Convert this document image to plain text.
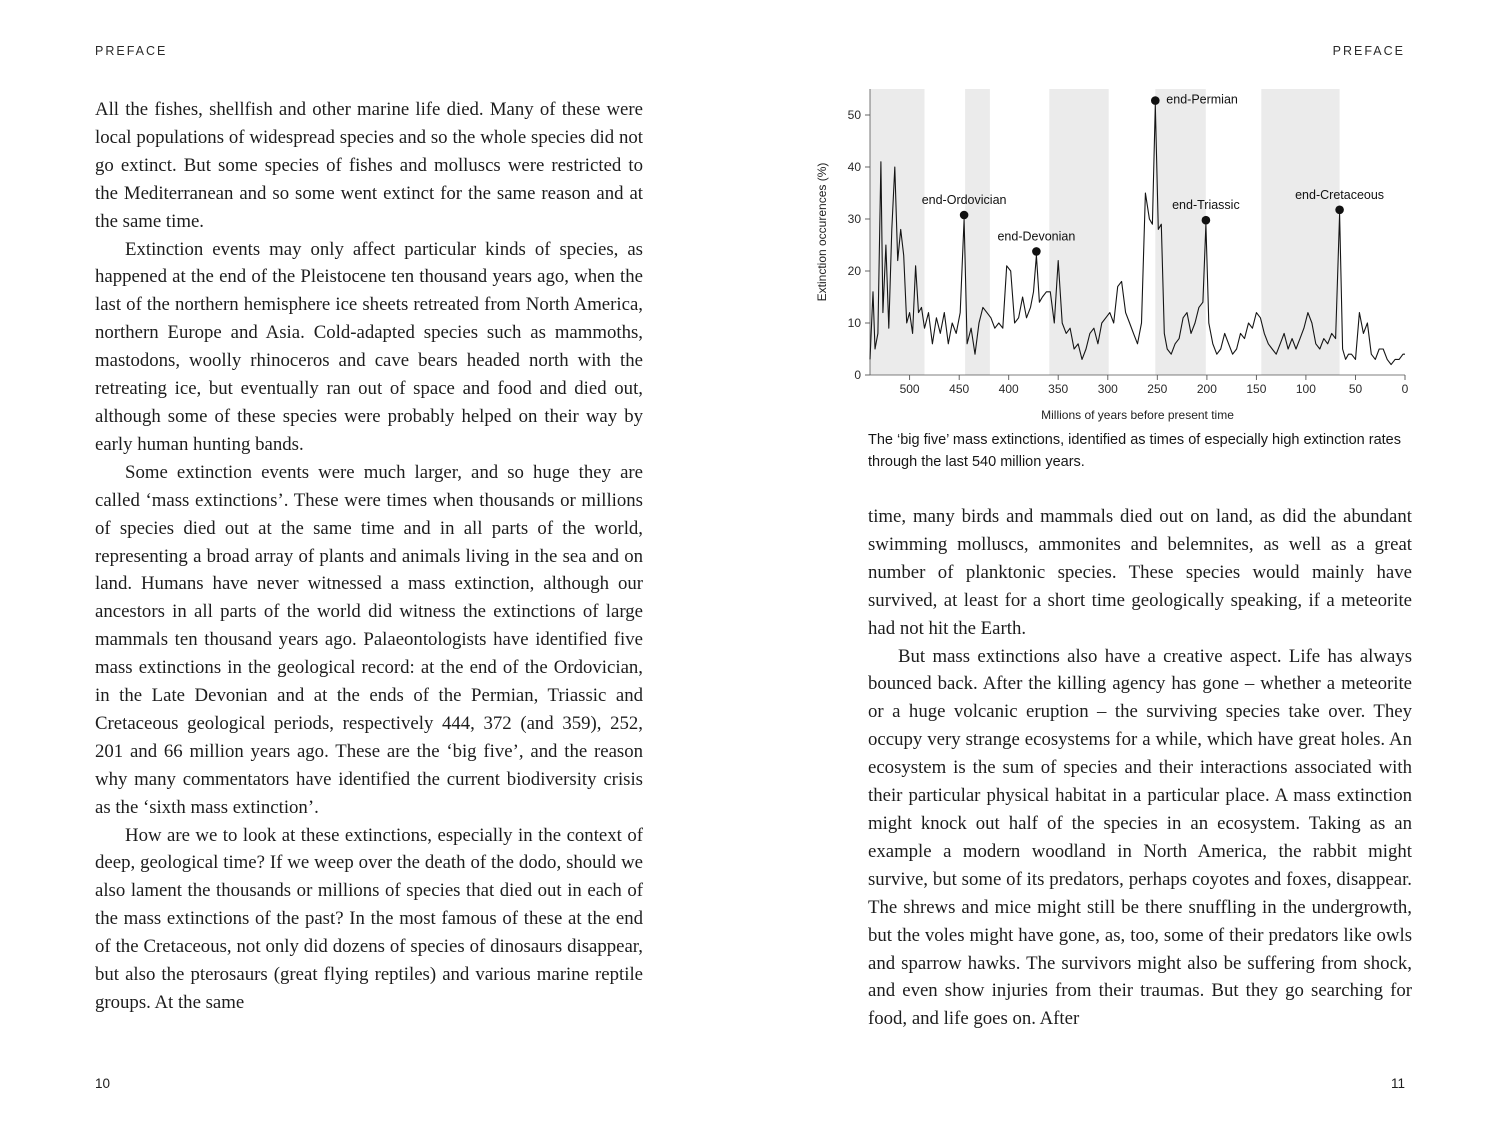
PREFACE	PREFACE

All the fishes, shellfish and other marine life died. Many of these were local populations of widespread species and so the whole species did not go extinct. But some species of fishes and molluscs were restricted to the Mediterranean and so some went extinct for the same reason and at the same time.

Extinction events may only affect particular kinds of species, as happened at the end of the Pleistocene ten thousand years ago, when the last of the northern hemisphere ice sheets retreated from North America, northern Europe and Asia. Cold-adapted species such as mammoths, mastodons, woolly rhinoceros and cave bears headed north with the retreating ice, but eventually ran out of space and food and died out, although some of these species were probably helped on their way by early human hunting bands.

Some extinction events were much larger, and so huge they are called ‘mass extinctions’. These were times when thousands or millions of species died out at the same time and in all parts of the world, representing a broad array of plants and animals living in the sea and on land. Humans have never witnessed a mass extinction, although our ancestors in all parts of the world did witness the extinctions of large mammals ten thousand years ago. Palaeontologists have identified five mass extinctions in the geological record: at the end of the Ordovician, in the Late Devonian and at the ends of the Permian, Triassic and Cretaceous geological periods, respectively 444, 372 (and 359), 252, 201 and 66 million years ago. These are the ‘big five’, and the reason why many commentators have identified the current biodiversity crisis as the ‘sixth mass extinction’.

How are we to look at these extinctions, especially in the context of deep, geological time? If we weep over the death of the dodo, should we also lament the thousands or millions of species that died out in each of the mass extinctions of the past? In the most famous of these at the end of the Cretaceous, not only did dozens of species of dinosaurs disappear, but also the pterosaurs (great flying reptiles) and various marine reptile groups. At the same

500 450 400 350 300 250 200 150 100	50	0
0
10
20
30
40
50
end-Ordovician
end-Devonian
end-Permian
end-Triassic
end-Cretaceous
Millions of years before present time
Extinction occurences (%)
The ‘big five’ mass extinctions, identified as times of especially high extinction rates through the last 540 million years.

time, many birds and mammals died out on land, as did the abundant swimming molluscs, ammonites and belemnites, as well as a great number of planktonic species. These species would mainly have survived, at least for a short time geologically speaking, if a meteorite had not hit the Earth.

But mass extinctions also have a creative aspect. Life has always bounced back. After the killing agency has gone – whether a meteorite or a huge volcanic eruption – the surviving species take over. They occupy very strange ecosystems for a while, which have great holes. An ecosystem is the sum of species and their interactions associated with their particular physical habitat in a particular place. A mass extinction might knock out half of the species in an ecosystem. Taking as an example a modern woodland in North America, the rabbit might survive, but some of its predators, perhaps coyotes and foxes, disappear. The shrews and mice might still be there snuffling in the undergrowth, but the voles might have gone, as, too, some of their predators like owls and sparrow hawks. The survivors might also be suffering from shock, and even show injuries from their traumas. But they go searching for food, and life goes on. After

10	11
